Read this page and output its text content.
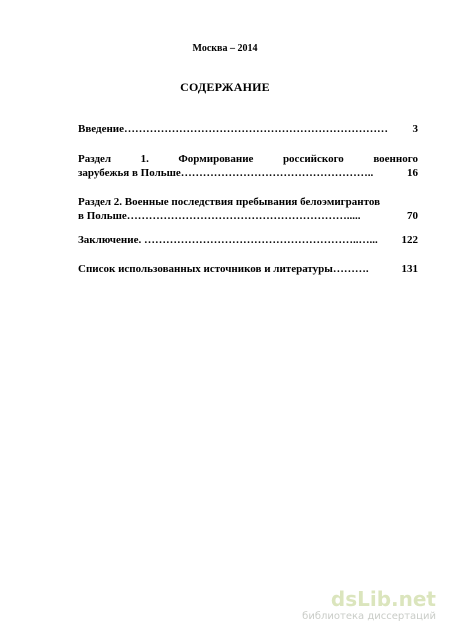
Москва – 2014
СОДЕРЖАНИЕ
Введение ………………………………………………………………	3
Раздел	1.	Формирование	российского	военного
зарубежья в Польше ……………………………………………..	16
Раздел 2. Военные последствия пребывания белоэмигрантов
в Польше …………………………………………………….....	70
Заключение. …………………………………………………..…...	122
Список использованных источников и литературы ……….	131
dsLib.net
библиотека диссертаций
